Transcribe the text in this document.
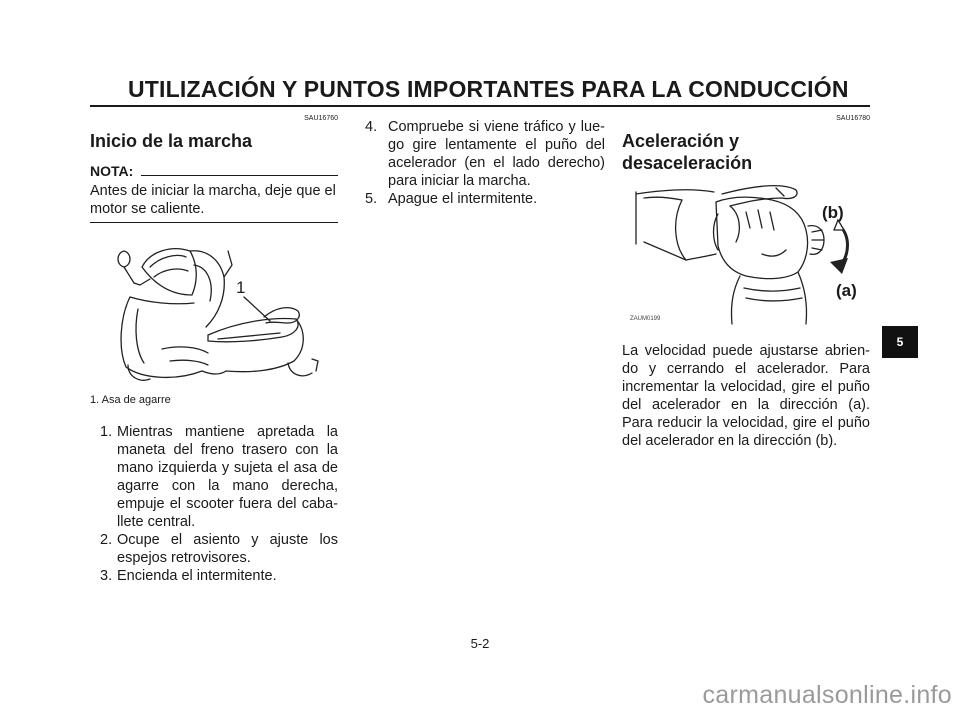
UTILIZACIÓN Y PUNTOS IMPORTANTES PARA LA CONDUCCIÓN
SAU16760
Inicio de la marcha
NOTA:

Antes de iniciar la marcha, deje que el motor se caliente.

1
1. Asa de agarre
1. Mientras mantiene apretada la maneta del freno trasero con la mano izquierda y sujeta el asa de agarre con la mano derecha, empuje el scooter fuera del caba-llete central.
2. Ocupe el asiento y ajuste los espejos retrovisores.
3. Encienda el intermitente.
4. Compruebe si viene tráfico y lue-go gire lentamente el puño del acelerador (en el lado derecho) para iniciar la marcha.
5. Apague el intermitente.
SAU16780
Aceleración y desaceleración
(b)
(a)
ZAUM0199

La velocidad puede ajustarse abrien-do y cerrando el acelerador. Para incrementar la velocidad, gire el puño del acelerador en la dirección (a). Para reducir la velocidad, gire el puño del acelerador en la dirección (b).

5
5-2
carmanualsonline.info
